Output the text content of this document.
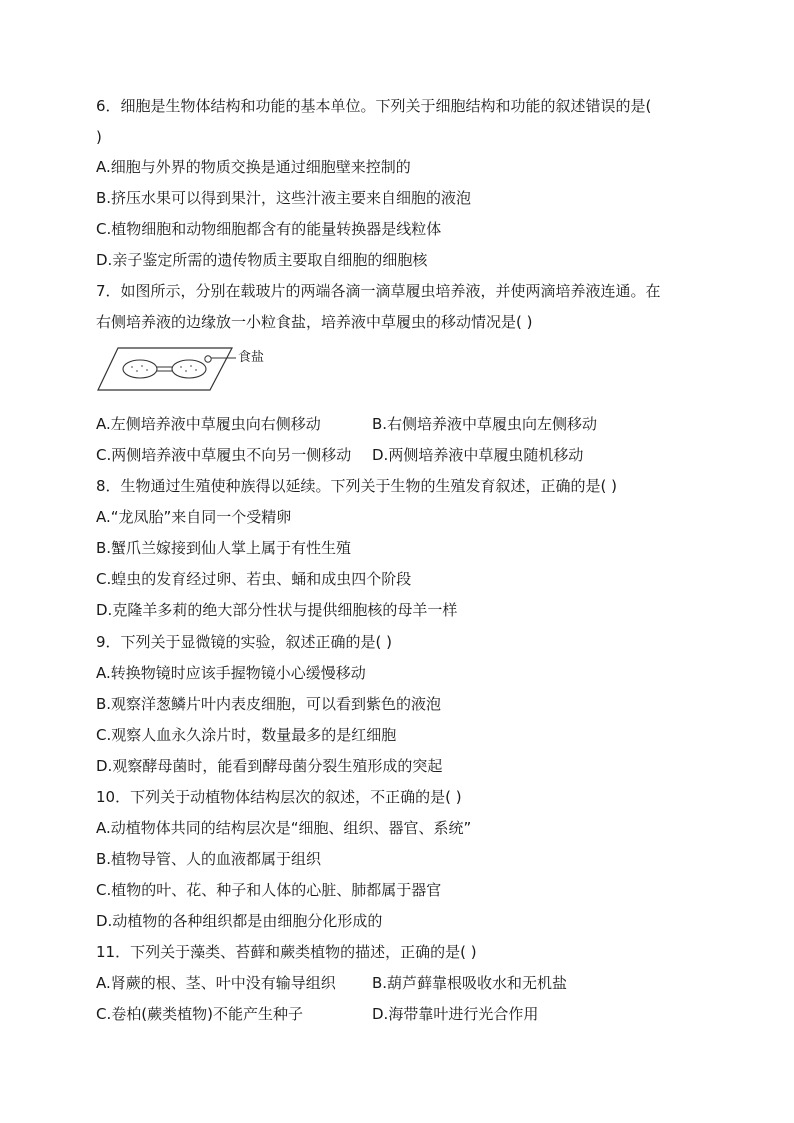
6．细胞是生物体结构和功能的基本单位。下列关于细胞结构和功能的叙述错误的是(
)
A.细胞与外界的物质交换是通过细胞壁来控制的
B.挤压水果可以得到果汁，这些汁液主要来自细胞的液泡
C.植物细胞和动物细胞都含有的能量转换器是线粒体
D.亲子鉴定所需的遗传物质主要取自细胞的细胞核
7．如图所示，分别在载玻片的两端各滴一滴草履虫培养液，并使两滴培养液连通。在
右侧培养液的边缘放一小粒食盐，培养液中草履虫的移动情况是( )
食盐
A.左侧培养液中草履虫向右侧移动	B.右侧培养液中草履虫向左侧移动
C.两侧培养液中草履虫不向另一侧移动 D.两侧培养液中草履虫随机移动
8．生物通过生殖使种族得以延续。下列关于生物的生殖发育叙述，正确的是( )
A.“龙凤胎”来自同一个受精卵
B.蟹爪兰嫁接到仙人掌上属于有性生殖
C.蝗虫的发育经过卵、若虫、蛹和成虫四个阶段
D.克隆羊多莉的绝大部分性状与提供细胞核的母羊一样
9．下列关于显微镜的实验，叙述正确的是( )
A.转换物镜时应该手握物镜小心缓慢移动
B.观察洋葱鳞片叶内表皮细胞，可以看到紫色的液泡
C.观察人血永久涂片时，数量最多的是红细胞
D.观察酵母菌时，能看到酵母菌分裂生殖形成的突起
10．下列关于动植物体结构层次的叙述，不正确的是( )
A.动植物体共同的结构层次是“细胞、组织、器官、系统”
B.植物导管、人的血液都属于组织
C.植物的叶、花、种子和人体的心脏、肺都属于器官
D.动植物的各种组织都是由细胞分化形成的
11．下列关于藻类、苔藓和蕨类植物的描述，正确的是( )
A.肾蕨的根、茎、叶中没有输导组织 B.葫芦藓靠根吸收水和无机盐
C.卷柏(蕨类植物)不能产生种子	D.海带靠叶进行光合作用
